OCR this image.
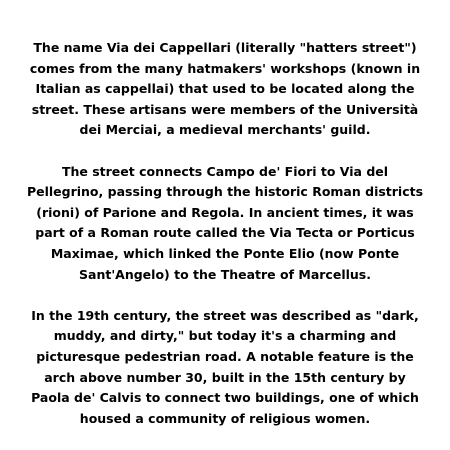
The name Via dei Cappellari (literally "hatters street")
comes from the many hatmakers' workshops (known in
Italian as cappellai) that used to be located along the
street. These artisans were members of the Università
dei Merciai, a medieval merchants' guild.

The street connects Campo de' Fiori to Via del
Pellegrino, passing through the historic Roman districts
(rioni) of Parione and Regola. In ancient times, it was
part of a Roman route called the Via Tecta or Porticus
Maximae, which linked the Ponte Elio (now Ponte
Sant'Angelo) to the Theatre of Marcellus.

In the 19th century, the street was described as "dark,
muddy, and dirty," but today it's a charming and
picturesque pedestrian road. A notable feature is the
arch above number 30, built in the 15th century by
Paola de' Calvis to connect two buildings, one of which
housed a community of religious women.
